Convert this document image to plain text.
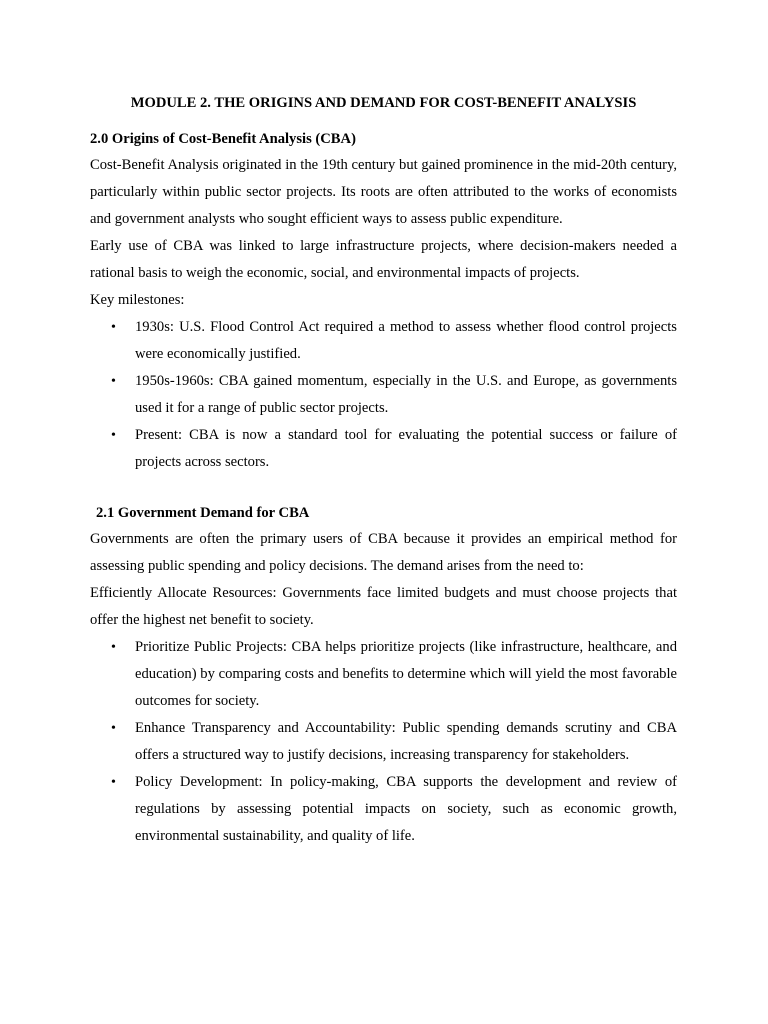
MODULE 2. THE ORIGINS AND DEMAND FOR COST-BENEFIT ANALYSIS
2.0 Origins of Cost-Benefit Analysis (CBA)

Cost-Benefit Analysis originated in the 19th century but gained prominence in the mid-20th century, particularly within public sector projects. Its roots are often attributed to the works of economists and government analysts who sought efficient ways to assess public expenditure.

Early use of CBA was linked to large infrastructure projects, where decision-makers needed a rational basis to weigh the economic, social, and environmental impacts of projects.

Key milestones:

• 1930s: U.S. Flood Control Act required a method to assess whether flood control projects were economically justified.
• 1950s-1960s: CBA gained momentum, especially in the U.S. and Europe, as governments used it for a range of public sector projects.
• Present: CBA is now a standard tool for evaluating the potential success or failure of projects across sectors.
2.1 Government Demand for CBA

Governments are often the primary users of CBA because it provides an empirical method for assessing public spending and policy decisions. The demand arises from the need to:

Efficiently Allocate Resources: Governments face limited budgets and must choose projects that offer the highest net benefit to society.

• Prioritize Public Projects: CBA helps prioritize projects (like infrastructure, healthcare, and education) by comparing costs and benefits to determine which will yield the most favorable outcomes for society.
• Enhance Transparency and Accountability: Public spending demands scrutiny and CBA offers a structured way to justify decisions, increasing transparency for stakeholders.
• Policy Development: In policy-making, CBA supports the development and review of regulations by assessing potential impacts on society, such as economic growth, environmental sustainability, and quality of life.
